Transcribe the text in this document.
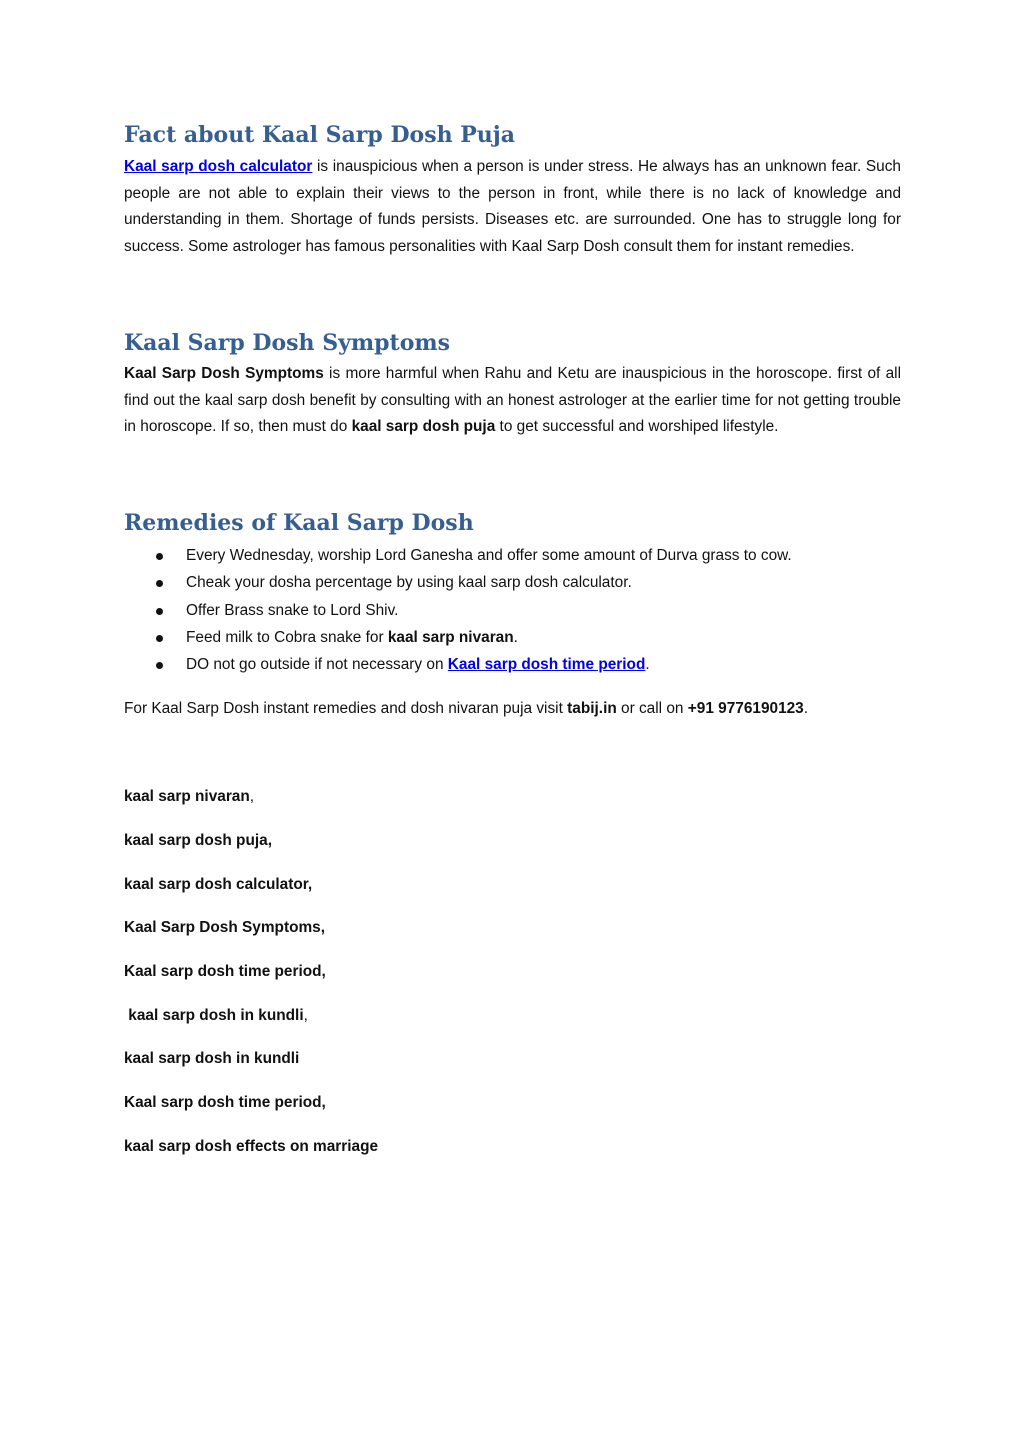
Fact about Kaal Sarp Dosh Puja

Kaal sarp dosh calculator is inauspicious when a person is under stress. He always has an unknown fear. Such people are not able to explain their views to the person in front, while there is no lack of knowledge and understanding in them. Shortage of funds persists. Diseases etc. are surrounded. One has to struggle long for success. Some astrologer has famous personalities with Kaal Sarp Dosh consult them for instant remedies.

Kaal Sarp Dosh Symptoms

Kaal Sarp Dosh Symptoms is more harmful when Rahu and Ketu are inauspicious in the horoscope. first of all find out the kaal sarp dosh benefit by consulting with an honest astrologer at the earlier time for not getting trouble in horoscope. If so, then must do kaal sarp dosh puja to get successful and worshiped lifestyle.

Remedies of Kaal Sarp Dosh
Every Wednesday, worship Lord Ganesha and offer some amount of Durva grass to cow.
Cheak your dosha percentage by using kaal sarp dosh calculator.
Offer Brass snake to Lord Shiv.
Feed milk to Cobra snake for kaal sarp nivaran.
DO not go outside if not necessary on Kaal sarp dosh time period.

For Kaal Sarp Dosh instant remedies and dosh nivaran puja visit tabij.in or call on +91 9776190123.

kaal sarp nivaran,

kaal sarp dosh puja,

kaal sarp dosh calculator,

Kaal Sarp Dosh Symptoms,

Kaal sarp dosh time period,

kaal sarp dosh in kundli,

kaal sarp dosh in kundli

Kaal sarp dosh time period,

kaal sarp dosh effects on marriage
